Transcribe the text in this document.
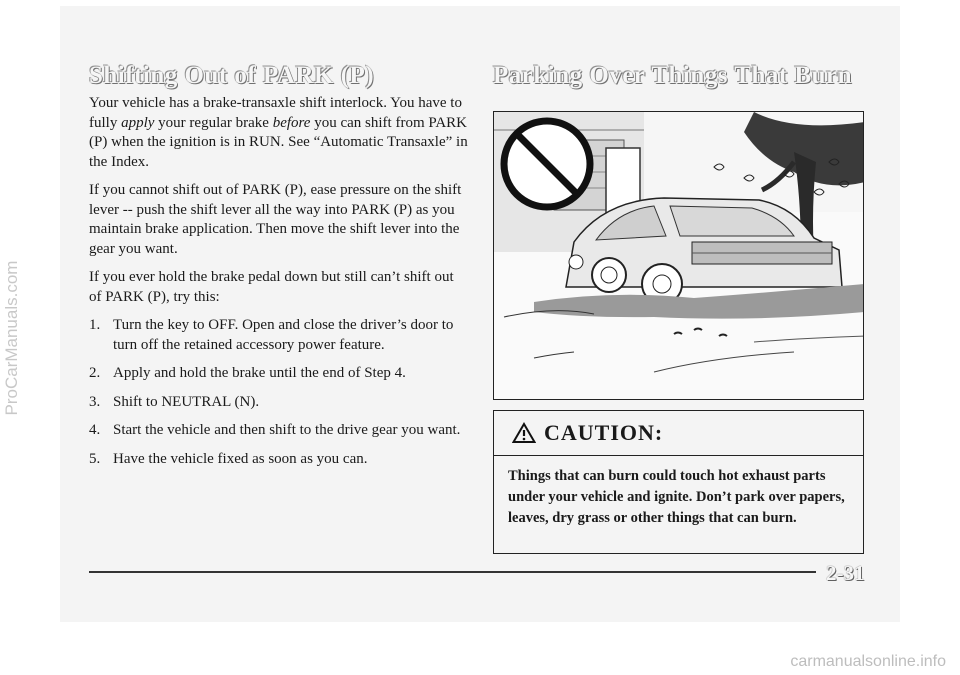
Shifting Out of PARK (P)	Parking Over Things That Burn

Your vehicle has a brake-transaxle shift interlock. You have to fully apply your regular brake before you can shift from PARK (P) when the ignition is in RUN. See “Automatic Transaxle” in the Index.

If you cannot shift out of PARK (P), ease pressure on the shift lever -- push the shift lever all the way into PARK (P) as you maintain brake application. Then move the shift lever into the gear you want.

If you ever hold the brake pedal down but still can’t shift out of PARK (P), try this:

1. Turn the key to OFF. Open and close the driver’s door to turn off the retained accessory power feature.
2. Apply and hold the brake until the end of Step 4.
3. Shift to NEUTRAL (N).
4. Start the vehicle and then shift to the drive gear you want.
5. Have the vehicle fixed as soon as you can.
CAUTION:
Things that can burn could touch hot exhaust parts under your vehicle and ignite. Don’t park over papers, leaves, dry grass or other things that can burn.
2-31
ProCarManuals.com
carmanualsonline.info
